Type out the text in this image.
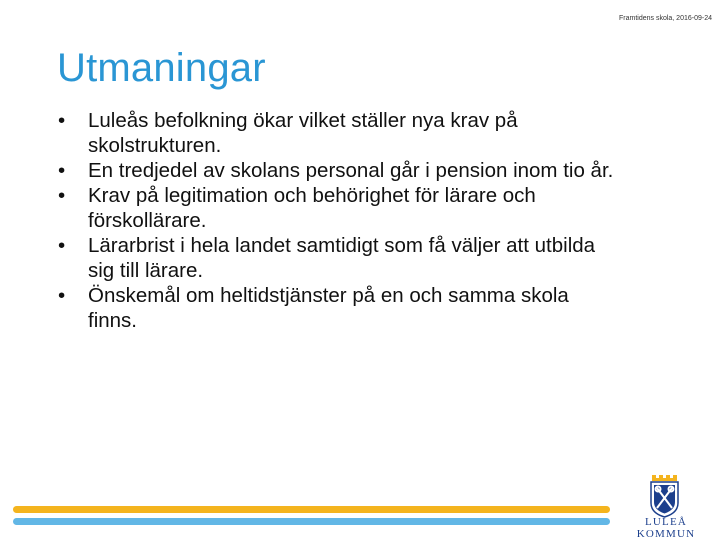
Framtidens skola, 2016-09-24
Utmaningar
• Luleås befolkning ökar vilket ställer nya krav på skolstrukturen.
• En tredjedel av skolans personal går i pension inom tio år.
• Krav på legitimation och behörighet för lärare och förskollärare.
• Lärarbrist i hela landet samtidigt som få väljer att utbilda sig till lärare.
• Önskemål om heltidstjänster på en och samma skola finns.
LULEÅ KOMMUN
